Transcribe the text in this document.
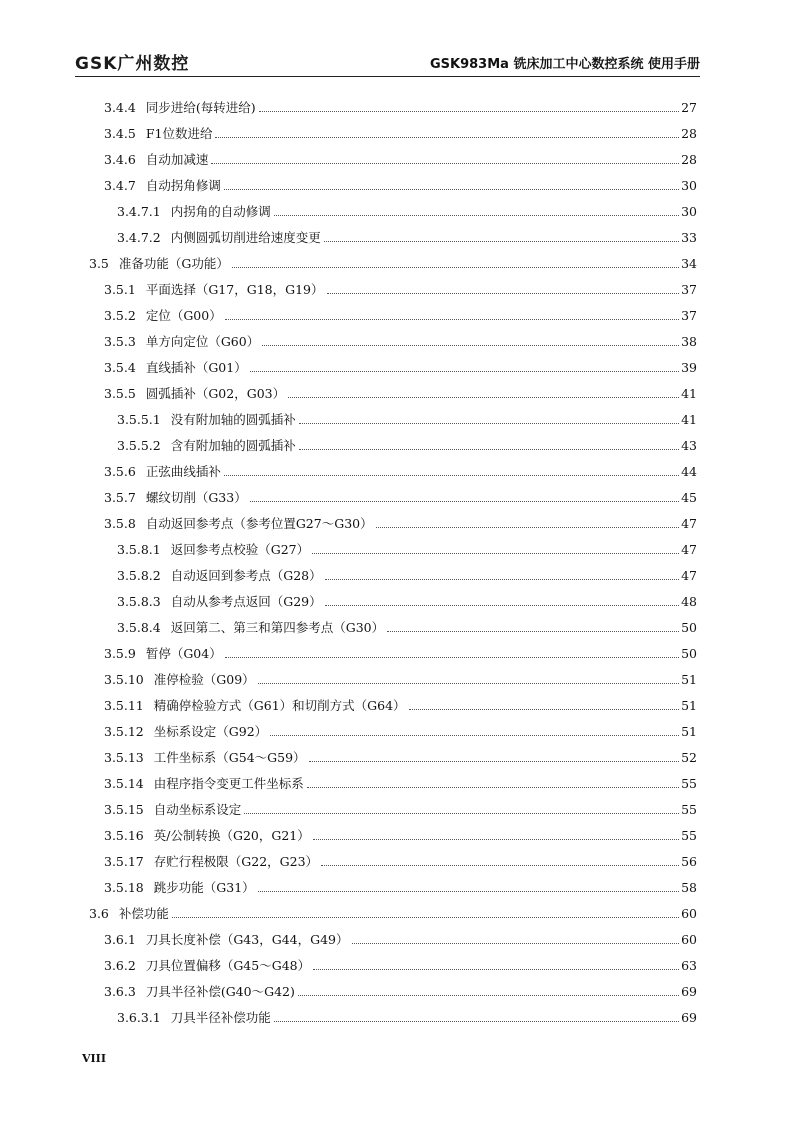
GSK广州数控	GSK983Ma 铣床加工中心数控系统 使用手册
3.4.4 同步进给(每转进给)	27
3.4.5 F1位数进给	28
3.4.6 自动加减速	28
3.4.7 自动拐角修调	30
3.4.7.1 内拐角的自动修调	30
3.4.7.2 内侧圆弧切削进给速度变更	33
3.5 准备功能（G功能）	34
3.5.1 平面选择（G17，G18，G19）	37
3.5.2 定位（G00）	37
3.5.3 单方向定位（G60）	38
3.5.4 直线插补（G01）	39
3.5.5 圆弧插补（G02，G03）	41
3.5.5.1 没有附加轴的圆弧插补	41
3.5.5.2 含有附加轴的圆弧插补	43
3.5.6 正弦曲线插补	44
3.5.7 螺纹切削（G33）	45
3.5.8 自动返回参考点（参考位置G27～G30）	47
3.5.8.1 返回参考点校验（G27）	47
3.5.8.2 自动返回到参考点（G28）	47
3.5.8.3 自动从参考点返回（G29）	48
3.5.8.4 返回第二、第三和第四参考点（G30）	50
3.5.9 暂停（G04）	50
3.5.10 准停检验（G09）	51
3.5.11 精确停检验方式（G61）和切削方式（G64）	51
3.5.12 坐标系设定（G92）	51
3.5.13 工件坐标系（G54～G59）	52
3.5.14 由程序指令变更工件坐标系	55
3.5.15 自动坐标系设定	55
3.5.16 英/公制转换（G20，G21）	55
3.5.17 存贮行程极限（G22，G23）	56
3.5.18 跳步功能（G31）	58
3.6 补偿功能	60
3.6.1 刀具长度补偿（G43，G44，G49）	60
3.6.2 刀具位置偏移（G45～G48）	63
3.6.3 刀具半径补偿(G40～G42)	69
3.6.3.1 刀具半径补偿功能	69
VIII
